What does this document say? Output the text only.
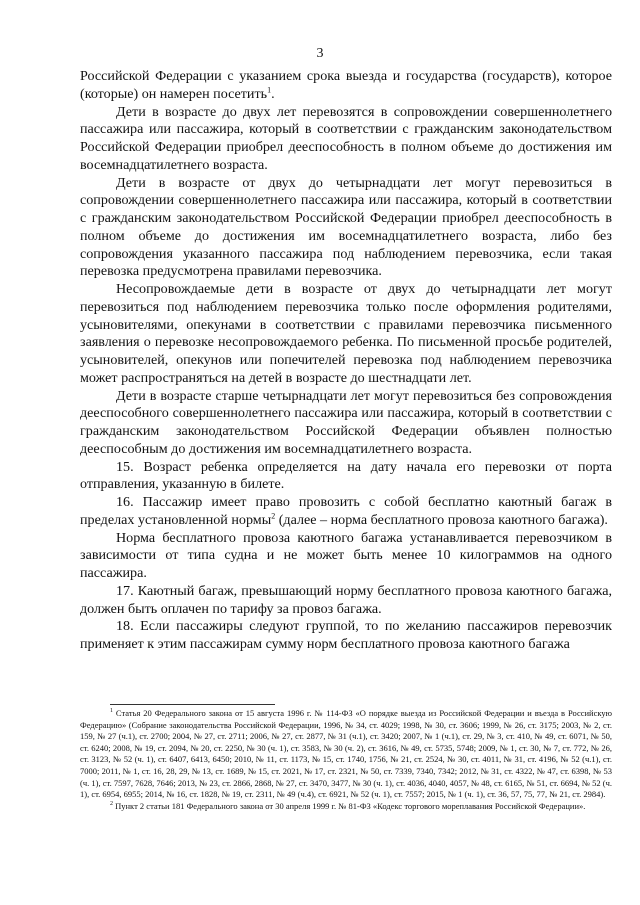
3

Российской Федерации с указанием срока выезда и государства (государств), которое (которые) он намерен посетить$^1$.

Дети в возрасте до двух лет перевозятся в сопровождении совершеннолетнего пассажира или пассажира, который в соответствии с гражданским законодательством Российской Федерации приобрел дееспособность в полном объеме до достижения им восемнадцатилетнего возраста.

Дети в возрасте от двух до четырнадцати лет могут перевозиться в сопровождении совершеннолетнего пассажира или пассажира, который в соответствии с гражданским законодательством Российской Федерации приобрел дееспособность в полном объеме до достижения им восемнадцатилетнего возраста, либо без сопровождения указанного пассажира под наблюдением перевозчика, если такая перевозка предусмотрена правилами перевозчика.

Несопровождаемые дети в возрасте от двух до четырнадцати лет могут перевозиться под наблюдением перевозчика только после оформления родителями, усыновителями, опекунами в соответствии с правилами перевозчика письменного заявления о перевозке несопровождаемого ребенка. По письменной просьбе родителей, усыновителей, опекунов или попечителей перевозка под наблюдением перевозчика может распространяться на детей в возрасте до шестнадцати лет.

Дети в возрасте старше четырнадцати лет могут перевозиться без сопровождения дееспособного совершеннолетнего пассажира или пассажира, который в соответствии с гражданским законодательством Российской Федерации объявлен полностью дееспособным до достижения им восемнадцатилетнего возраста.

15. Возраст ребенка определяется на дату начала его перевозки от порта отправления, указанную в билете.

16. Пассажир имеет право провозить с собой бесплатно каютный багаж в пределах установленной нормы$^2$ (далее – норма бесплатного провоза каютного багажа).

Норма бесплатного провоза каютного багажа устанавливается перевозчиком в зависимости от типа судна и не может быть менее 10 килограммов на одного пассажира.

17. Каютный багаж, превышающий норму бесплатного провоза каютного багажа, должен быть оплачен по тарифу за провоз багажа.

18. Если пассажиры следуют группой, то по желанию пассажиров перевозчик применяет к этим пассажирам сумму норм бесплатного провоза каютного багажа

$^1$ Статья 20 Федерального закона от 15 августа 1996 г. № 114-ФЗ «О порядке выезда из Российской Федерации и въезда в Российскую Федерацию» (Собрание законодательства Российской Федерации, 1996, № 34, ст. 4029; 1998, № 30, ст. 3606; 1999, № 26, ст. 3175; 2003, № 2, ст. 159, № 27 (ч.1), ст. 2700; 2004, № 27, ст. 2711; 2006, № 27, ст. 2877, № 31 (ч.1), ст. 3420; 2007, № 1 (ч.1), ст. 29, № 3, ст. 410, № 49, ст. 6071, № 50, ст. 6240; 2008, № 19, ст. 2094, № 20, ст. 2250, № 30 (ч. 1), ст. 3583, № 30 (ч. 2), ст. 3616, № 49, ст. 5735, 5748; 2009, № 1, ст. 30, № 7, ст. 772, № 26, ст. 3123, № 52 (ч. 1), ст. 6407, 6413, 6450; 2010, № 11, ст. 1173, № 15, ст. 1740, 1756, № 21, ст. 2524, № 30, ст. 4011, № 31, ст. 4196, № 52 (ч.1), ст. 7000; 2011, № 1, ст. 16, 28, 29, № 13, ст. 1689, № 15, ст. 2021, № 17, ст. 2321, № 50, ст. 7339, 7340, 7342; 2012, № 31, ст. 4322, № 47, ст. 6398, № 53 (ч. 1), ст. 7597, 7628, 7646; 2013, № 23, ст. 2866, 2868, № 27, ст. 3470, 3477, № 30 (ч. 1), ст. 4036, 4040, 4057, № 48, ст. 6165, № 51, ст. 6694, № 52 (ч. 1), ст. 6954, 6955; 2014, № 16, ст. 1828, № 19, ст. 2311, № 49 (ч.4), ст. 6921, № 52 (ч. 1), ст. 7557; 2015, № 1 (ч. 1), ст. 36, 57, 75, 77, № 21, ст. 2984).

$^2$ Пункт 2 статьи 181 Федерального закона от 30 апреля 1999 г. № 81-ФЗ «Кодекс торгового мореплавания Российской Федерации».
